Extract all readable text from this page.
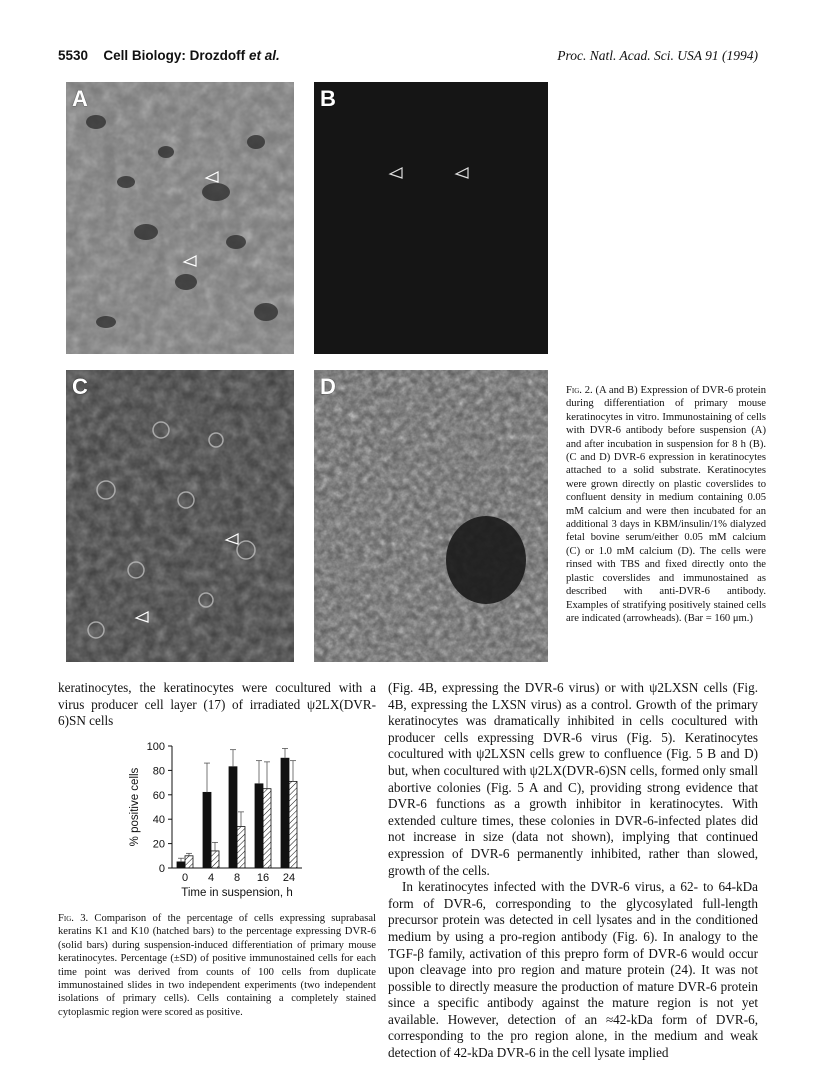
5530 Cell Biology: Drozdoff et al.	Proc. Natl. Acad. Sci. USA 91 (1994)
A	B
C	D	Fig. 2. (A and B) Expression of DVR-6 protein during differentiation of primary mouse keratinocytes in vitro. Immunostaining of cells with DVR-6 antibody before suspension (A) and after incubation in suspension for 8 h (B). (C and D) DVR-6 expression in keratinocytes attached to a solid substrate. Keratinocytes were grown directly on plastic coverslides to confluent density in medium containing 0.05 mM calcium and were then incubated for an additional 3 days in KBM/insulin/1% dialyzed fetal bovine serum/either 0.05 mM calcium (C) or 1.0 mM calcium (D). The cells were rinsed with TBS and fixed directly onto the plastic coverslides and immunostained as described with anti-DVR-6 antibody. Examples of stratifying positively stained cells are indicated (arrowheads). (Bar = 160 μm.)

keratinocytes, the keratinocytes were cocultured with a virus producer cell layer (17) of irradiated ψ2LX(DVR-6)SN cells

0
20
40
60
80
100
% positive cells
0 4 8 16 24
Time in suspension, h
Fig. 3. Comparison of the percentage of cells expressing suprabasal keratins K1 and K10 (hatched bars) to the percentage expressing DVR-6 (solid bars) during suspension-induced differentiation of primary mouse keratinocytes. Percentage (±SD) of positive immunostained cells for each time point was derived from counts of 100 cells from duplicate immunostained slides in two independent experiments (two independent isolations of primary cells). Cells containing a completely stained cytoplasmic region were scored as positive.

(Fig. 4B, expressing the DVR-6 virus) or with ψ2LXSN cells (Fig. 4B, expressing the LXSN virus) as a control. Growth of the primary keratinocytes was dramatically inhibited in cells cocultured with producer cells expressing DVR-6 virus (Fig. 5). Keratinocytes cocultured with ψ2LXSN cells grew to confluence (Fig. 5 B and D) but, when cocultured with ψ2LX(DVR-6)SN cells, formed only small abortive colonies (Fig. 5 A and C), providing strong evidence that DVR-6 functions as a growth inhibitor in keratinocytes. With extended culture times, these colonies in DVR-6-infected plates did not increase in size (data not shown), implying that continued expression of DVR-6 permanently inhibited, rather than slowed, growth of the cells.

In keratinocytes infected with the DVR-6 virus, a 62- to 64-kDa form of DVR-6, corresponding to the glycosylated full-length precursor protein was detected in cell lysates and in the conditioned medium by using a pro-region antibody (Fig. 6). In analogy to the TGF-β family, activation of this prepro form of DVR-6 would occur upon cleavage into pro region and mature protein (24). It was not possible to directly measure the production of mature DVR-6 protein since a specific antibody against the mature region is not yet available. However, detection of an ≈42-kDa form of DVR-6, corresponding to the pro region alone, in the medium and weak detection of 42-kDa DVR-6 in the cell lysate implied
